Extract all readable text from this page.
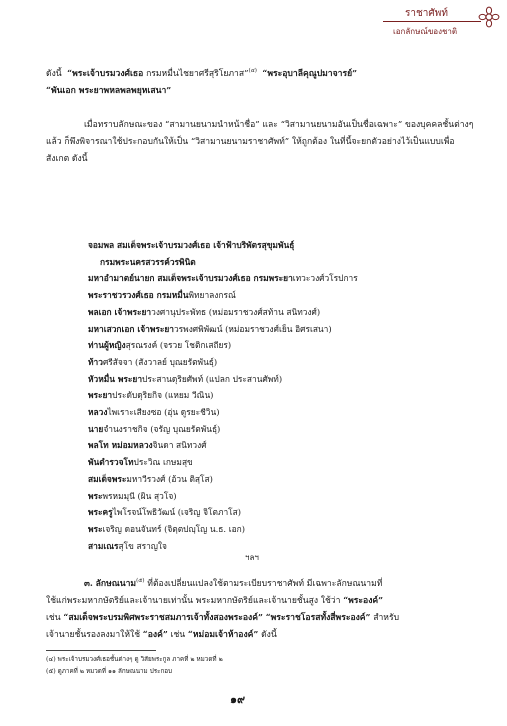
ราชาศัพท์
เอกลักษณ์ของชาติ
ดังนี้ “พระเจ้าบรมวงศ์เธอ กรมหมื่นไชยาศรีสุริโยภาส”$^{(๔)}$ “พระอุบาลีคุณูปมาจารย์”
“พันเอก พระยาพหลพลพยุหเสนา”
เมื่อทราบลักษณะของ “สามานยนามนำหน้าชื่อ” และ “วิสามานยนามอันเป็นชื่อเฉพาะ” ของบุคคลชั้นต่างๆ แล้ว ก็พึงพิจารณาใช้ประกอบกันให้เป็น “วิสามานยนามราชาศัพท์” ให้ถูกต้อง ในที่นี้จะยกตัวอย่างไว้เป็นแบบเพื่อสังเกต ดังนี้
จอมพล สมเด็จพระเจ้าบรมวงศ์เธอ เจ้าฟ้าบริพัตรสุขุมพันธุ์
กรมพระนครสวรรค์วรพินิต
มหาอำมาตย์นายก สมเด็จพระเจ้าบรมวงศ์เธอ กรมพระยาเทวะวงศ์วโรปการ
พระราชวรวงศ์เธอ กรมหมื่นพิทยาลงกรณ์
พลเอก เจ้าพระยาวงศานุประพัทธ (หม่อมราชวงศ์สท้าน สนิทวงศ์)
มหาเสวกเอก เจ้าพระยาวรพงศพิพัฒน์ (หม่อมราชวงศ์เย็น อิศรเสนา)
ท่านผู้หญิงสุรณรงค์ (จรวย โชติกเสถียร)
ท้าวศรีสัจจา (สังวาลย์ บุณยรัตพันธุ์)
หัวหมื่น พระยาประสานดุริยศัพท์ (แปลก ประสานศัพท์)
พระยาประดับดุริยกิจ (แหยม วีณิน)
หลวงไพเราะเสียงซอ (อุ่น ดูรยะชีวิน)
นายจำนงราชกิจ (จรัญ บุณยรัตพันธุ์)
พลโท หม่อมหลวงจินดา สนิทวงศ์
พันตำรวจโทประวิณ เกษมสุข
สมเด็จพระมหาวีรวงศ์ (อ้วน ติสฺโส)
พระพรหมมุนี (ผิน สุวโจ)
พระครูไพโรจน์โพธิวัฒน์ (เจริญ จิโตภาโส)
พระเจริญ ดอนจันทร์ (จิตฺตปญฺโญ น.ธ. เอก)
สามเณรสุโข สราญใจ
ฯลฯ
๓. ลักษณนาม$^{(๕)}$ ที่ต้องเปลี่ยนแปลงใช้ตามระเบียบราชาศัพท์ มีเฉพาะลักษณนามที่
ใช้แก่พระมหากษัตริย์และเจ้านายเท่านั้น พระมหากษัตริย์และเจ้านายชั้นสูง ใช้ว่า “พระองค์”
เช่น “สมเด็จพระบรมพิศพระราชสมภารเจ้าทั้งสองพระองค์” “พระราชโอรสทั้งสี่พระองค์” สำหรับ
เจ้านายชั้นรองลงมาให้ใช้ “องค์” เช่น “หม่อมเจ้าห้าองค์” ดังนี้
(๔) พระเจ้าบรมวงศ์เธอชั้นต่างๆ ดู วิสัยพระกูล ภาคที่ ๒ หมวดที่ ๒
(๕) ดูภาคที่ ๒ หมวดที่ ๑๑ ลักษณนาม ประกอบ
๑๙
